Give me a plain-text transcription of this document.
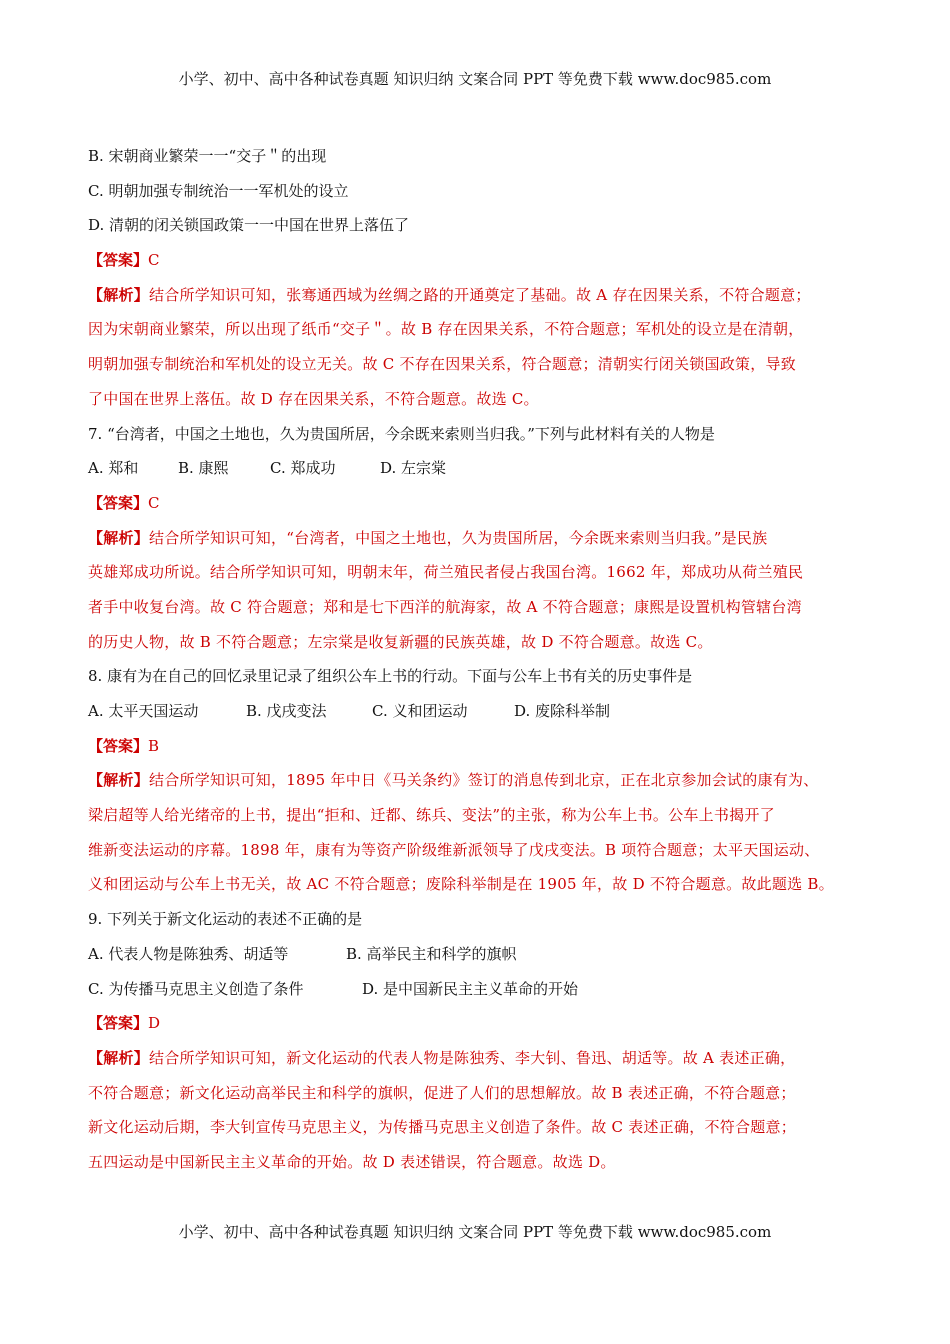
小学、初中、高中各种试卷真题 知识归纳 文案合同 PPT 等免费下载 www.doc985.com
B. 宋朝商业繁荣一一“交子＂的出现
C. 明朝加强专制统治一一军机处的设立
D. 清朝的闭关锁国政策一一中国在世界上落伍了
【答案】C
【解析】结合所学知识可知，张骞通西域为丝绸之路的开通奠定了基础。故 A 存在因果关系，不符合题意；
因为宋朝商业繁荣，所以出现了纸币“交子＂。故 B 存在因果关系，不符合题意；军机处的设立是在清朝，
明朝加强专制统治和军机处的设立无关。故 C 不存在因果关系，符合题意；清朝实行闭关锁国政策，导致
了中国在世界上落伍。故 D 存在因果关系，不符合题意。故选 C。
7. “台湾者，中国之土地也，久为贵国所居，今余既来索则当归我。”下列与此材料有关的人物是
A. 郑和	B. 康熙	C. 郑成功	D. 左宗棠
【答案】C
【解析】结合所学知识可知，“台湾者，中国之土地也，久为贵国所居，今余既来索则当归我。”是民族
英雄郑成功所说。结合所学知识可知，明朝末年，荷兰殖民者侵占我国台湾。1662 年，郑成功从荷兰殖民
者手中收复台湾。故 C 符合题意；郑和是七下西洋的航海家，故 A 不符合题意；康熙是设置机构管辖台湾
的历史人物，故 B 不符合题意；左宗棠是收复新疆的民族英雄，故 D 不符合题意。故选 C。
8. 康有为在自己的回忆录里记录了组织公车上书的行动。下面与公车上书有关的历史事件是
A. 太平天国运动	B. 戊戌变法	C. 义和团运动	D. 废除科举制
【答案】B
【解析】结合所学知识可知，1895 年中日《马关条约》签订的消息传到北京，正在北京参加会试的康有为、
梁启超等人给光绪帝的上书，提出“拒和、迁都、练兵、变法”的主张，称为公车上书。公车上书揭开了
维新变法运动的序幕。1898 年，康有为等资产阶级维新派领导了戊戌变法。B 项符合题意；太平天国运动、
义和团运动与公车上书无关，故 AC 不符合题意；废除科举制是在 1905 年，故 D 不符合题意。故此题选 B。
9. 下列关于新文化运动的表述不正确的是
A. 代表人物是陈独秀、胡适等	B. 高举民主和科学的旗帜
C. 为传播马克思主义创造了条件	D. 是中国新民主主义革命的开始
【答案】D
【解析】结合所学知识可知，新文化运动的代表人物是陈独秀、李大钊、鲁迅、胡适等。故 A 表述正确，
不符合题意；新文化运动高举民主和科学的旗帜，促进了人们的思想解放。故 B 表述正确，不符合题意；
新文化运动后期，李大钊宣传马克思主义，为传播马克思主义创造了条件。故 C 表述正确，不符合题意；
五四运动是中国新民主主义革命的开始。故 D 表述错误，符合题意。故选 D。
小学、初中、高中各种试卷真题 知识归纳 文案合同 PPT 等免费下载 www.doc985.com
